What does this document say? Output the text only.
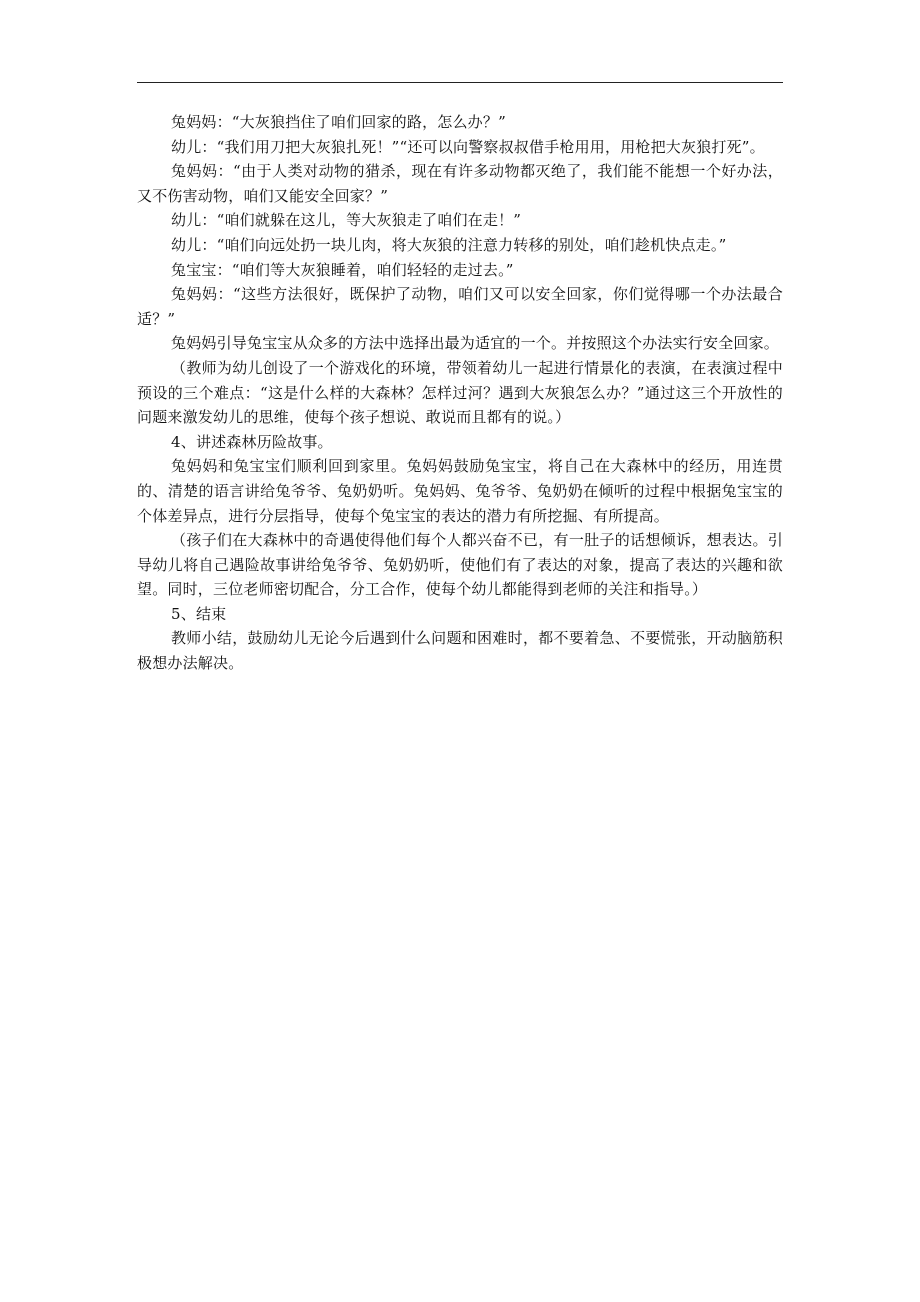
兔妈妈：“大灰狼挡住了咱们回家的路，怎么办？”

幼儿：“我们用刀把大灰狼扎死！”“还可以向警察叔叔借手枪用用，用枪把大灰狼打死”。

兔妈妈：“由于人类对动物的猎杀，现在有许多动物都灭绝了，我们能不能想一个好办法，又不伤害动物，咱们又能安全回家？”

幼儿：“咱们就躲在这儿，等大灰狼走了咱们在走！”

幼儿：“咱们向远处扔一块儿肉，将大灰狼的注意力转移的别处，咱们趁机快点走。”

兔宝宝：“咱们等大灰狼睡着，咱们轻轻的走过去。”

兔妈妈：“这些方法很好，既保护了动物，咱们又可以安全回家，你们觉得哪一个办法最合适？”

兔妈妈引导兔宝宝从众多的方法中选择出最为适宜的一个。并按照这个办法实行安全回家。

（教师为幼儿创设了一个游戏化的环境，带领着幼儿一起进行情景化的表演，在表演过程中预设的三个难点：“这是什么样的大森林？怎样过河？遇到大灰狼怎么办？”通过这三个开放性的问题来激发幼儿的思维，使每个孩子想说、敢说而且都有的说。）

4、讲述森林历险故事。

兔妈妈和兔宝宝们顺利回到家里。兔妈妈鼓励兔宝宝，将自己在大森林中的经历，用连贯的、清楚的语言讲给兔爷爷、兔奶奶听。兔妈妈、兔爷爷、兔奶奶在倾听的过程中根据兔宝宝的个体差异点，进行分层指导，使每个兔宝宝的表达的潜力有所挖掘、有所提高。

（孩子们在大森林中的奇遇使得他们每个人都兴奋不已，有一肚子的话想倾诉，想表达。引导幼儿将自己遇险故事讲给兔爷爷、兔奶奶听，使他们有了表达的对象，提高了表达的兴趣和欲望。同时，三位老师密切配合，分工合作，使每个幼儿都能得到老师的关注和指导。）

5、结束

教师小结，鼓励幼儿无论今后遇到什么问题和困难时，都不要着急、不要慌张，开动脑筋积极想办法解决。
